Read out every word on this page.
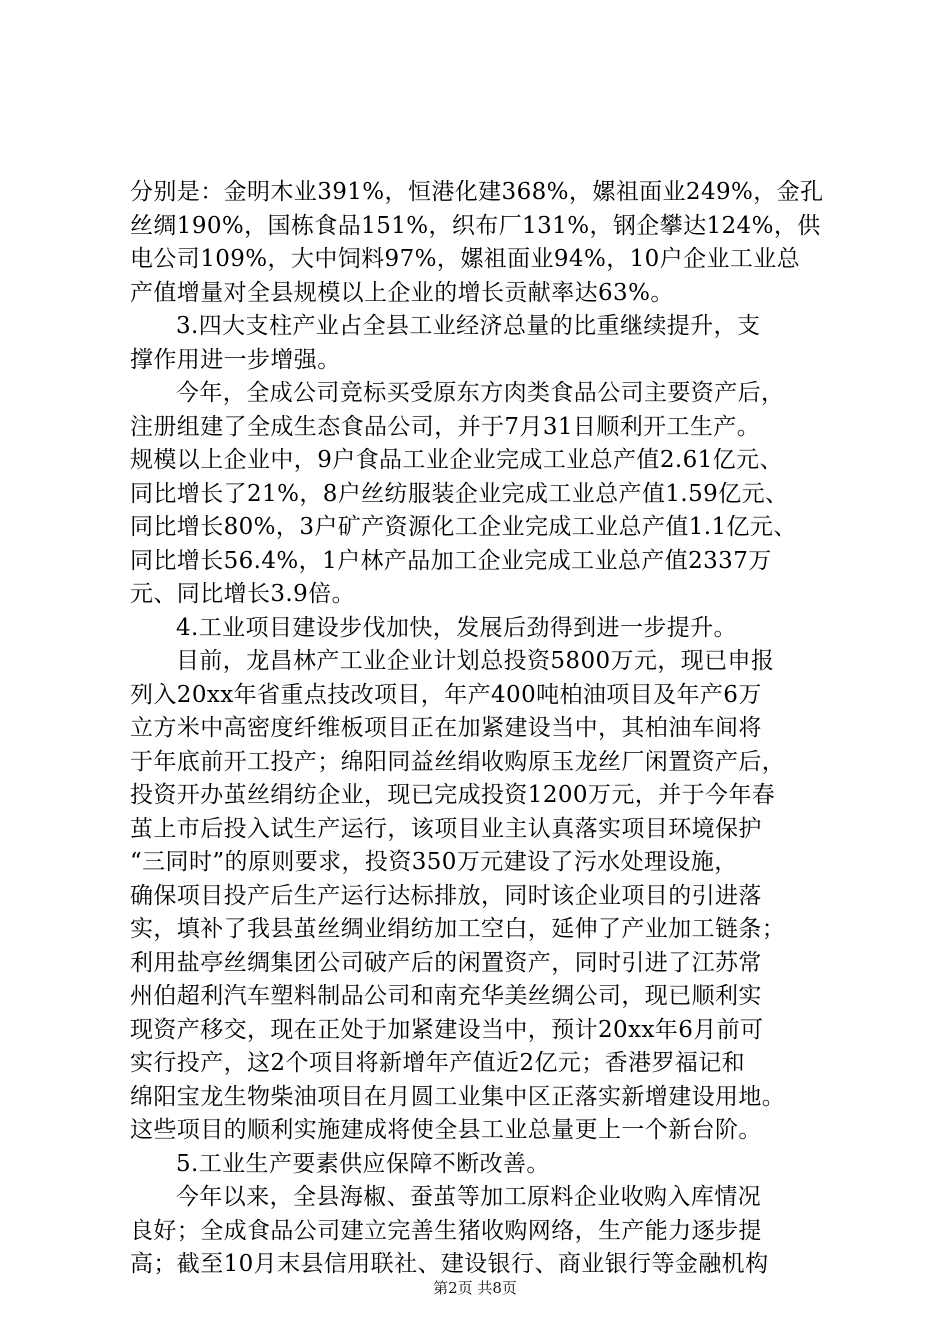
分别是：金明木业391%，恒港化建368%，嫘祖面业249%，金孔
丝绸190%，国栋食品151%，织布厂131%，钢企攀达124%，供
电公司109%，大中饲料97%，嫘祖面业94%，10户企业工业总
产值增量对全县规模以上企业的增长贡献率达63%。
3.四大支柱产业占全县工业经济总量的比重继续提升，支
撑作用进一步增强。
今年，全成公司竞标买受原东方肉类食品公司主要资产后，
注册组建了全成生态食品公司，并于7月31日顺利开工生产。
规模以上企业中，9户食品工业企业完成工业总产值2.61亿元、
同比增长了21%，8户丝纺服装企业完成工业总产值1.59亿元、
同比增长80%，3户矿产资源化工企业完成工业总产值1.1亿元、
同比增长56.4%，1户林产品加工企业完成工业总产值2337万
元、同比增长3.9倍。
4.工业项目建设步伐加快，发展后劲得到进一步提升。
目前，龙昌林产工业企业计划总投资5800万元，现已申报
列入20xx年省重点技改项目，年产400吨柏油项目及年产6万
立方米中高密度纤维板项目正在加紧建设当中，其柏油车间将
于年底前开工投产；绵阳同益丝绢收购原玉龙丝厂闲置资产后，
投资开办茧丝绢纺企业，现已完成投资1200万元，并于今年春
茧上市后投入试生产运行，该项目业主认真落实项目环境保护
“三同时”的原则要求，投资350万元建设了污水处理设施，
确保项目投产后生产运行达标排放，同时该企业项目的引进落
实，填补了我县茧丝绸业绢纺加工空白，延伸了产业加工链条；
利用盐亭丝绸集团公司破产后的闲置资产，同时引进了江苏常
州伯超利汽车塑料制品公司和南充华美丝绸公司，现已顺利实
现资产移交，现在正处于加紧建设当中，预计20xx年6月前可
实行投产，这2个项目将新增年产值近2亿元；香港罗福记和
绵阳宝龙生物柴油项目在月圆工业集中区正落实新增建设用地。
这些项目的顺利实施建成将使全县工业总量更上一个新台阶。
5.工业生产要素供应保障不断改善。
今年以来，全县海椒、蚕茧等加工原料企业收购入库情况
良好；全成食品公司建立完善生猪收购网络，生产能力逐步提
高；截至10月末县信用联社、建设银行、商业银行等金融机构
第2页 共8页
